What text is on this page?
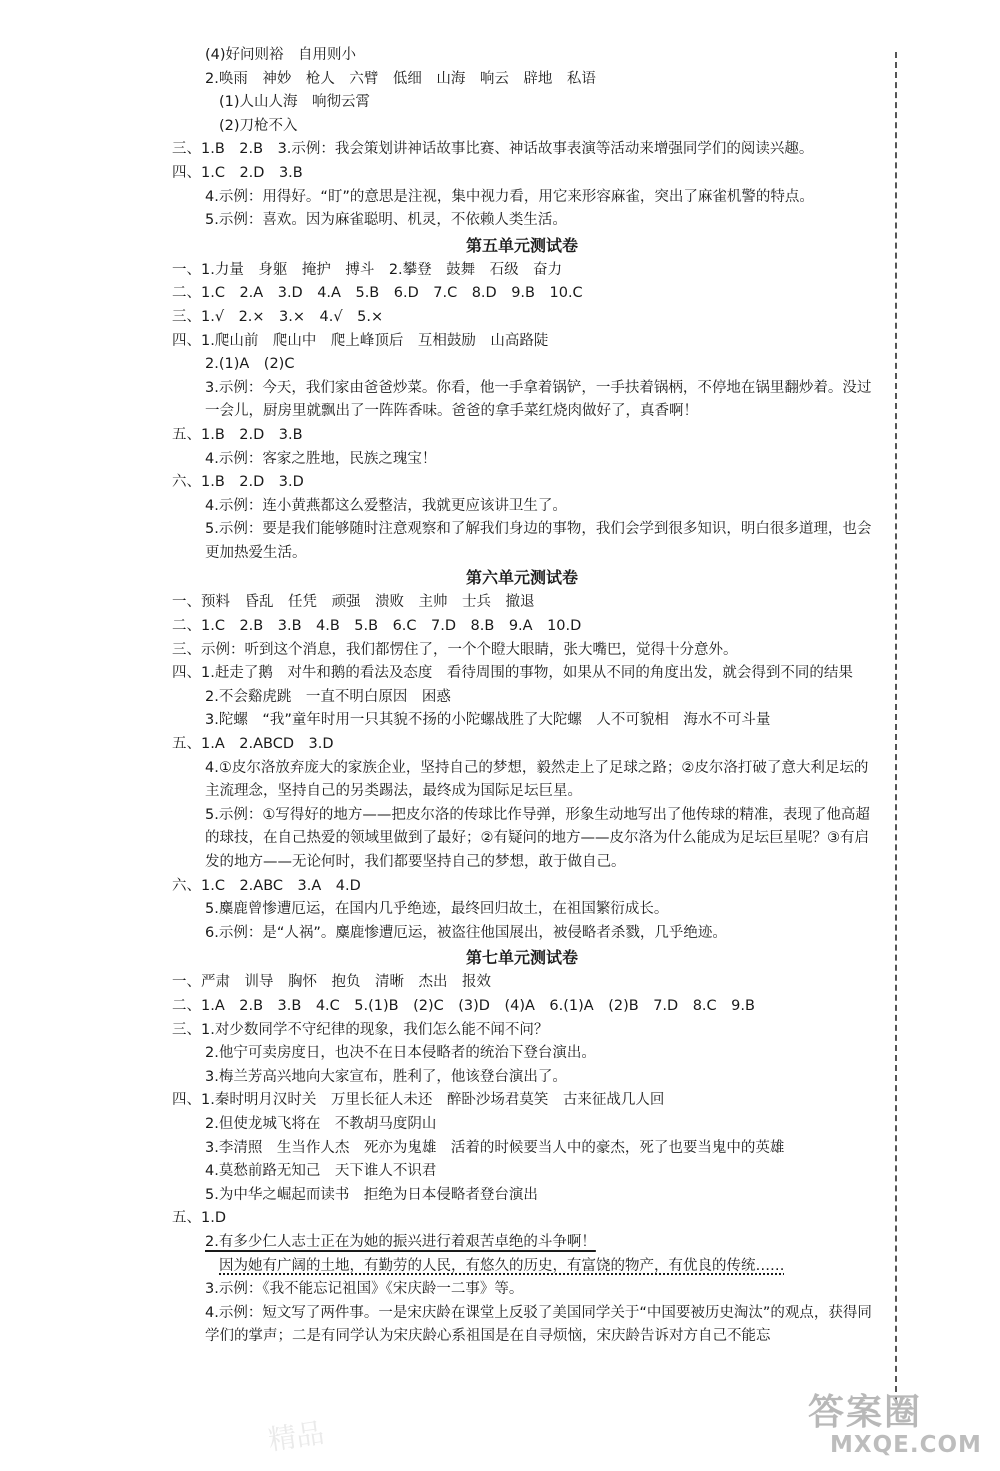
(4)好问则裕　自用则小
2.唤雨　神妙　枪人　六臂　低细　山海　响云　辟地　私语
(1)人山人海　响彻云霄
(2)刀枪不入
三、1.B　2.B　3.示例：我会策划讲神话故事比赛、神话故事表演等活动来增强同学们的阅读兴趣。
四、1.C　2.D　3.B
4.示例：用得好。“盯”的意思是注视，集中视力看，用它来形容麻雀，突出了麻雀机警的特点。
5.示例：喜欢。因为麻雀聪明、机灵，不依赖人类生活。
第五单元测试卷
一、1.力量　身躯　掩护　搏斗　2.攀登　鼓舞　石级　奋力
二、1.C　2.A　3.D　4.A　5.B　6.D　7.C　8.D　9.B　10.C
三、1.√　2.×　3.×　4.√　5.×
四、1.爬山前　爬山中　爬上峰顶后　互相鼓励　山高路陡
2.(1)A　(2)C
3.示例：今天，我们家由爸爸炒菜。你看，他一手拿着锅铲，一手扶着锅柄，不停地在锅里翻炒着。没过一会儿，厨房里就飘出了一阵阵香味。爸爸的拿手菜红烧肉做好了，真香啊！
五、1.B　2.D　3.B
4.示例：客家之胜地，民族之瑰宝！
六、1.B　2.D　3.D
4.示例：连小黄燕都这么爱整洁，我就更应该讲卫生了。
5.示例：要是我们能够随时注意观察和了解我们身边的事物，我们会学到很多知识，明白很多道理，也会更加热爱生活。
第六单元测试卷
一、预料　昏乱　任凭　顽强　溃败　主帅　士兵　撤退
二、1.C　2.B　3.B　4.B　5.B　6.C　7.D　8.B　9.A　10.D
三、示例：听到这个消息，我们都愣住了，一个个瞪大眼睛，张大嘴巴，觉得十分意外。
四、1.赶走了鹅　对牛和鹅的看法及态度　看待周围的事物，如果从不同的角度出发，就会得到不同的结果
2.不会谿虎跳　一直不明白原因　困惑
3.陀螺　“我”童年时用一只其貌不扬的小陀螺战胜了大陀螺　人不可貌相　海水不可斗量
五、1.A　2.ABCD　3.D
4.①皮尔洛放弃庞大的家族企业，坚持自己的梦想，毅然走上了足球之路；②皮尔洛打破了意大利足坛的主流理念，坚持自己的另类踢法，最终成为国际足坛巨星。
5.示例：①写得好的地方——把皮尔洛的传球比作导弹，形象生动地写出了他传球的精准，表现了他高超的球技，在自己热爱的领域里做到了最好；②有疑问的地方——皮尔洛为什么能成为足坛巨星呢？③有启发的地方——无论何时，我们都要坚持自己的梦想，敢于做自己。
六、1.C　2.ABC　3.A　4.D
5.麋鹿曾惨遭厄运，在国内几乎绝迹，最终回归故土，在祖国繁衍成长。
6.示例：是“人祸”。麋鹿惨遭厄运，被盗往他国展出，被侵略者杀戮，几乎绝迹。
第七单元测试卷
一、严肃　训导　胸怀　抱负　清晰　杰出　报效
二、1.A　2.B　3.B　4.C　5.(1)B　(2)C　(3)D　(4)A　6.(1)A　(2)B　7.D　8.C　9.B
三、1.对少数同学不守纪律的现象，我们怎么能不闻不问？
2.他宁可卖房度日，也决不在日本侵略者的统治下登台演出。
3.梅兰芳高兴地向大家宣布，胜利了，他该登台演出了。
四、1.秦时明月汉时关　万里长征人未还　醉卧沙场君莫笑　古来征战几人回
2.但使龙城飞将在　不教胡马度阴山
3.李清照　生当作人杰　死亦为鬼雄　活着的时候要当人中的豪杰，死了也要当鬼中的英雄
4.莫愁前路无知己　天下谁人不识君
5.为中华之崛起而读书　拒绝为日本侵略者登台演出
五、1.D
2.有多少仁人志士正在为她的振兴进行着艰苦卓绝的斗争啊！
因为她有广阔的土地，有勤劳的人民，有悠久的历史，有富饶的物产，有优良的传统……
3.示例：《我不能忘记祖国》《宋庆龄一二事》等。
4.示例：短文写了两件事。一是宋庆龄在课堂上反驳了美国同学关于“中国要被历史淘汰”的观点，获得同学们的掌声；二是有同学认为宋庆龄心系祖国是在自寻烦恼，宋庆龄告诉对方自己不能忘
精品
答案圈
MXQE.COM
